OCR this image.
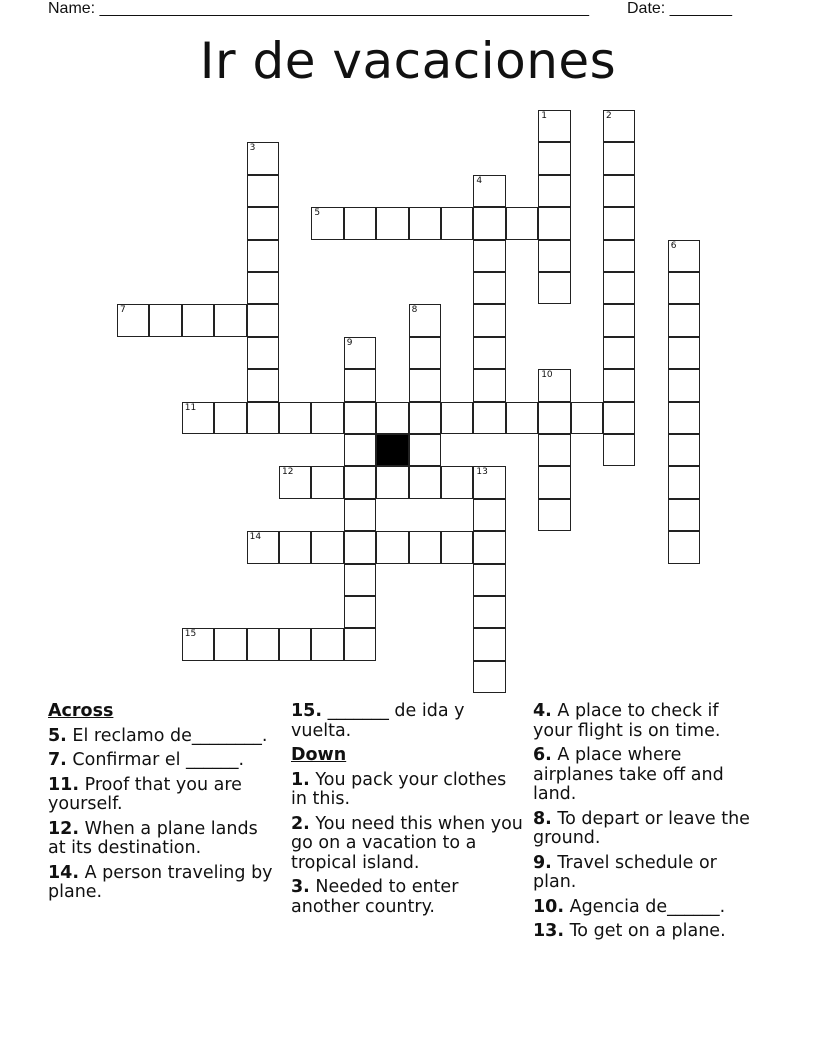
Name: _______________________________________________________ Date: _______
Ir de vacaciones
1	2
3
4
5
6
7	8
9
10
11
12	13
14
15
Across
5. El reclamo de________.
7. Confirmar el ______.
11. Proof that you are yourself.
12. When a plane lands at its destination.
14. A person traveling by plane.
15. _______ de ida y vuelta.
Down
1. You pack your clothes in this.
2. You need this when you go on a vacation to a tropical island.
3. Needed to enter another country.
4. A place to check if your flight is on time.
6. A place where airplanes take off and land.
8. To depart or leave the ground.
9. Travel schedule or plan.
10. Agencia de______.
13. To get on a plane.
